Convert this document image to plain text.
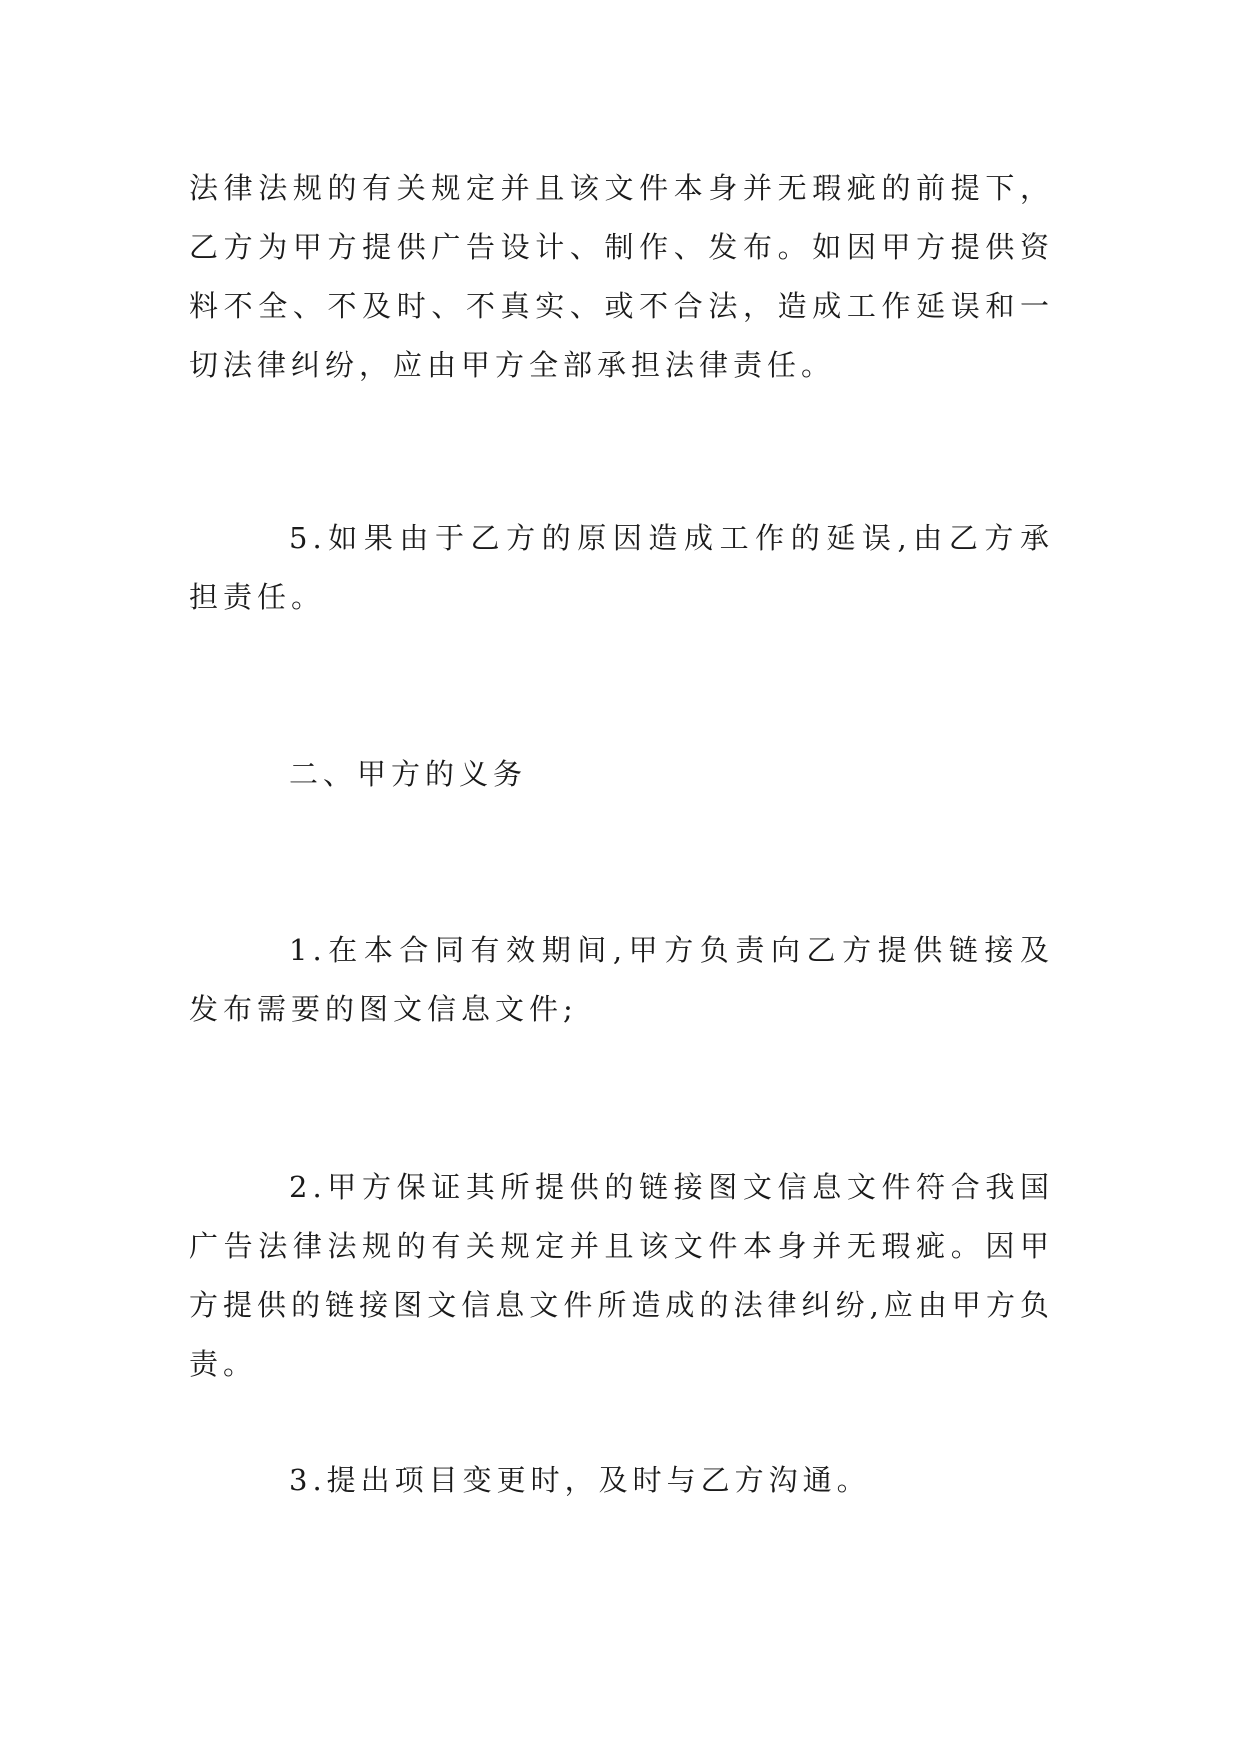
法律法规的有关规定并且该文件本身并无瑕疵的前提下，乙方为甲方提供广告设计、制作、发布。如因甲方提供资料不全、不及时、不真实、或不合法，造成工作延误和一切法律纠纷，应由甲方全部承担法律责任。

5.如果由于乙方的原因造成工作的延误,由乙方承担责任。

二、甲方的义务

1.在本合同有效期间,甲方负责向乙方提供链接及发布需要的图文信息文件;

2.甲方保证其所提供的链接图文信息文件符合我国广告法律法规的有关规定并且该文件本身并无瑕疵。因甲方提供的链接图文信息文件所造成的法律纠纷,应由甲方负责。

3.提出项目变更时，及时与乙方沟通。
